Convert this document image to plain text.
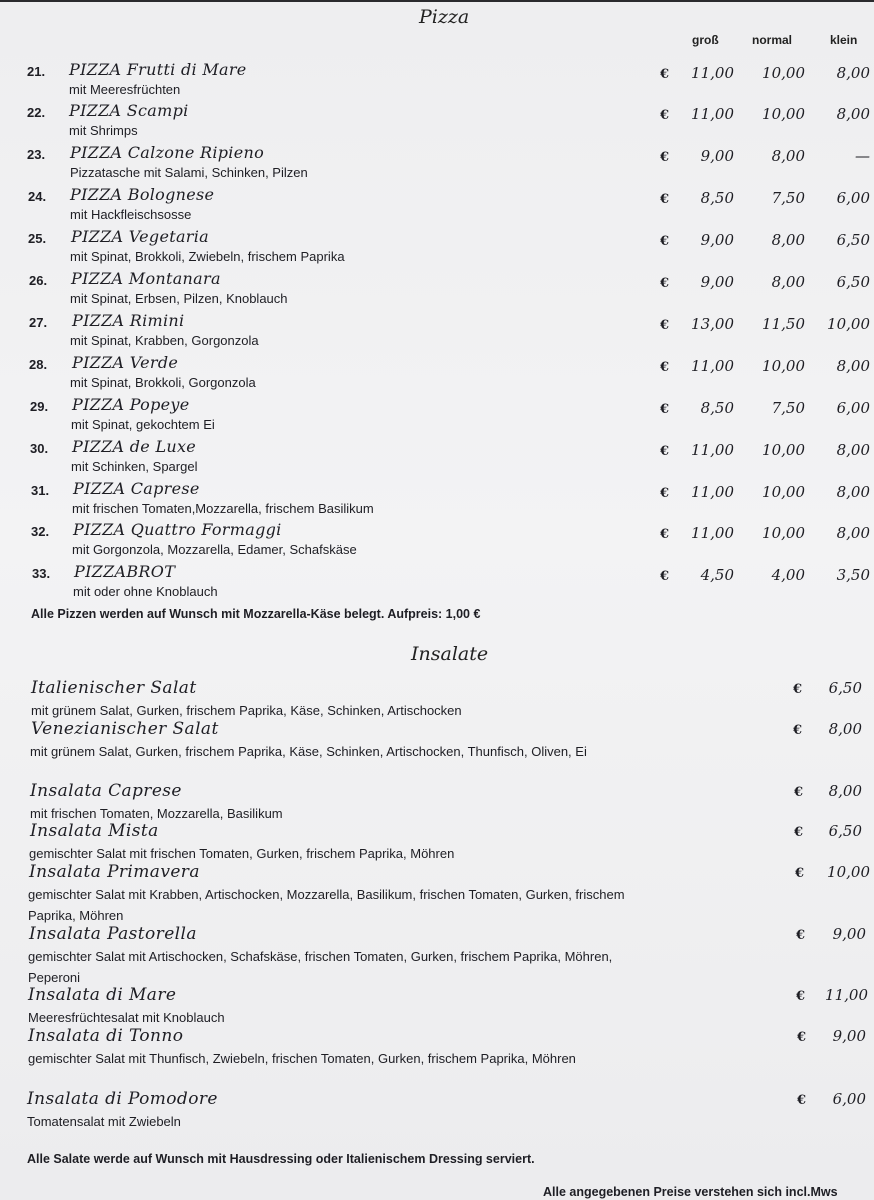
Pizza
groß	normal	klein
21. PIZZA Frutti di Mare
mit Meeresfrüchten
€	11,00	10,00	8,00
22. PIZZA Scampi
mit Shrimps
€	11,00	10,00	8,00
23. PIZZA Calzone Ripieno
Pizzatasche mit Salami, Schinken, Pilzen
€	9,00	8,00	—
24. PIZZA Bolognese
mit Hackfleischsosse
€	8,50	7,50	6,00
25. PIZZA Vegetaria
mit Spinat, Brokkoli, Zwiebeln, frischem Paprika
€	9,00	8,00	6,50
26. PIZZA Montanara
mit Spinat, Erbsen, Pilzen, Knoblauch
€	9,00	8,00	6,50
27. PIZZA Rimini
mit Spinat, Krabben, Gorgonzola
€	13,00	11,50	10,00
28. PIZZA Verde
mit Spinat, Brokkoli, Gorgonzola
€	11,00	10,00	8,00
29. PIZZA Popeye
mit Spinat, gekochtem Ei
€	8,50	7,50	6,00
30. PIZZA de Luxe
mit Schinken, Spargel
€	11,00	10,00	8,00
31. PIZZA Caprese
mit frischen Tomaten,Mozzarella, frischem Basilikum
€	11,00	10,00	8,00
32. PIZZA Quattro Formaggi
mit Gorgonzola, Mozzarella, Edamer, Schafskäse
€	11,00	10,00	8,00
33. PIZZABROT
mit oder ohne Knoblauch
€	4,50	4,00	3,50
Alle Pizzen werden auf Wunsch mit Mozzarella-Käse belegt. Aufpreis: 1,00 €
Insalate
Italienischer Salat
mit grünem Salat, Gurken, frischem Paprika, Käse, Schinken, Artischocken
€	6,50
Venezianischer Salat
mit grünem Salat, Gurken, frischem Paprika, Käse, Schinken, Artischocken, Thunfisch, Oliven, Ei
€	8,00
Insalata Caprese
mit frischen Tomaten, Mozzarella, Basilikum
€	8,00
Insalata Mista
gemischter Salat mit frischen Tomaten, Gurken, frischem Paprika, Möhren
€	6,50
Insalata Primavera
gemischter Salat mit Krabben, Artischocken, Mozzarella, Basilikum, frischen Tomaten, Gurken, frischem Paprika, Möhren
€	10,00
Insalata Pastorella
gemischter Salat mit Artischocken, Schafskäse, frischen Tomaten, Gurken, frischem Paprika, Möhren, Peperoni
€	9,00
Insalata di Mare
Meeresfrüchtesalat mit Knoblauch
€	11,00
Insalata di Tonno
gemischter Salat mit Thunfisch, Zwiebeln, frischen Tomaten, Gurken, frischem Paprika, Möhren
€	9,00
Insalata di Pomodore
Tomatensalat mit Zwiebeln
€	6,00
Alle Salate werde auf Wunsch mit Hausdressing oder Italienischem Dressing serviert.
Alle angegebenen Preise verstehen sich incl.Mws
